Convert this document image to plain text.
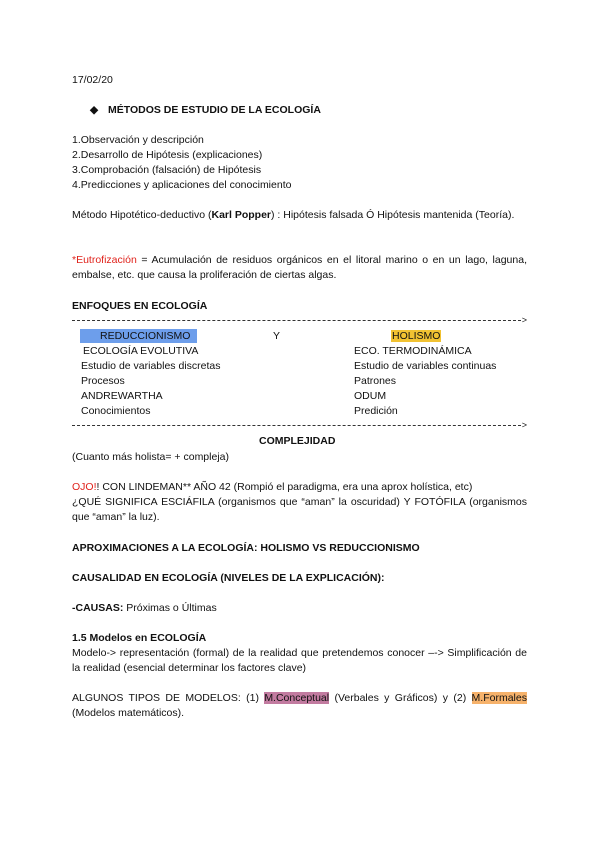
17/02/20
◆ MÉTODOS DE ESTUDIO DE LA ECOLOGÍA
1.Observación y descripción
2.Desarrollo de Hipótesis (explicaciones)
3.Comprobación (falsación) de Hipótesis
4.Predicciones y aplicaciones del conocimiento
Método Hipotético-deductivo (Karl Popper) : Hipótesis falsada Ó Hipótesis mantenida (Teoría).
*Eutrofización = Acumulación de residuos orgánicos en el litoral marino o en un lago, laguna, embalse, etc. que causa la proliferación de ciertas algas.
ENFOQUES EN ECOLOGÍA
>
REDUCCIONISMO	Y	HOLISMO
ECOLOGÍA EVOLUTIVA
Estudio de variables discretas
Procesos
ANDREWARTHA
Conocimientos
ECO. TERMODINÁMICA
Estudio de variables continuas
Patrones
ODUM
Predición
>
COMPLEJIDAD
(Cuanto más holista= + compleja)
OJO!! CON LINDEMAN** AÑO 42 (Rompió el paradigma, era una aprox holística, etc)
¿QUÉ SIGNIFICA ESCIÁFILA (organismos que “aman” la oscuridad) Y FOTÓFILA (organismos que “aman” la luz).
APROXIMACIONES A LA ECOLOGÍA: HOLISMO VS REDUCCIONISMO
CAUSALIDAD EN ECOLOGÍA (NIVELES DE LA EXPLICACIÓN):
-CAUSAS: Próximas o Últimas
1.5 Modelos en ECOLOGÍA
Modelo-> representación (formal) de la realidad que pretendemos conocer –-> Simplificación de la realidad (esencial determinar los factores clave)
ALGUNOS TIPOS DE MODELOS: (1) M.Conceptual (Verbales y Gráficos) y (2) M.Formales (Modelos matemáticos).
